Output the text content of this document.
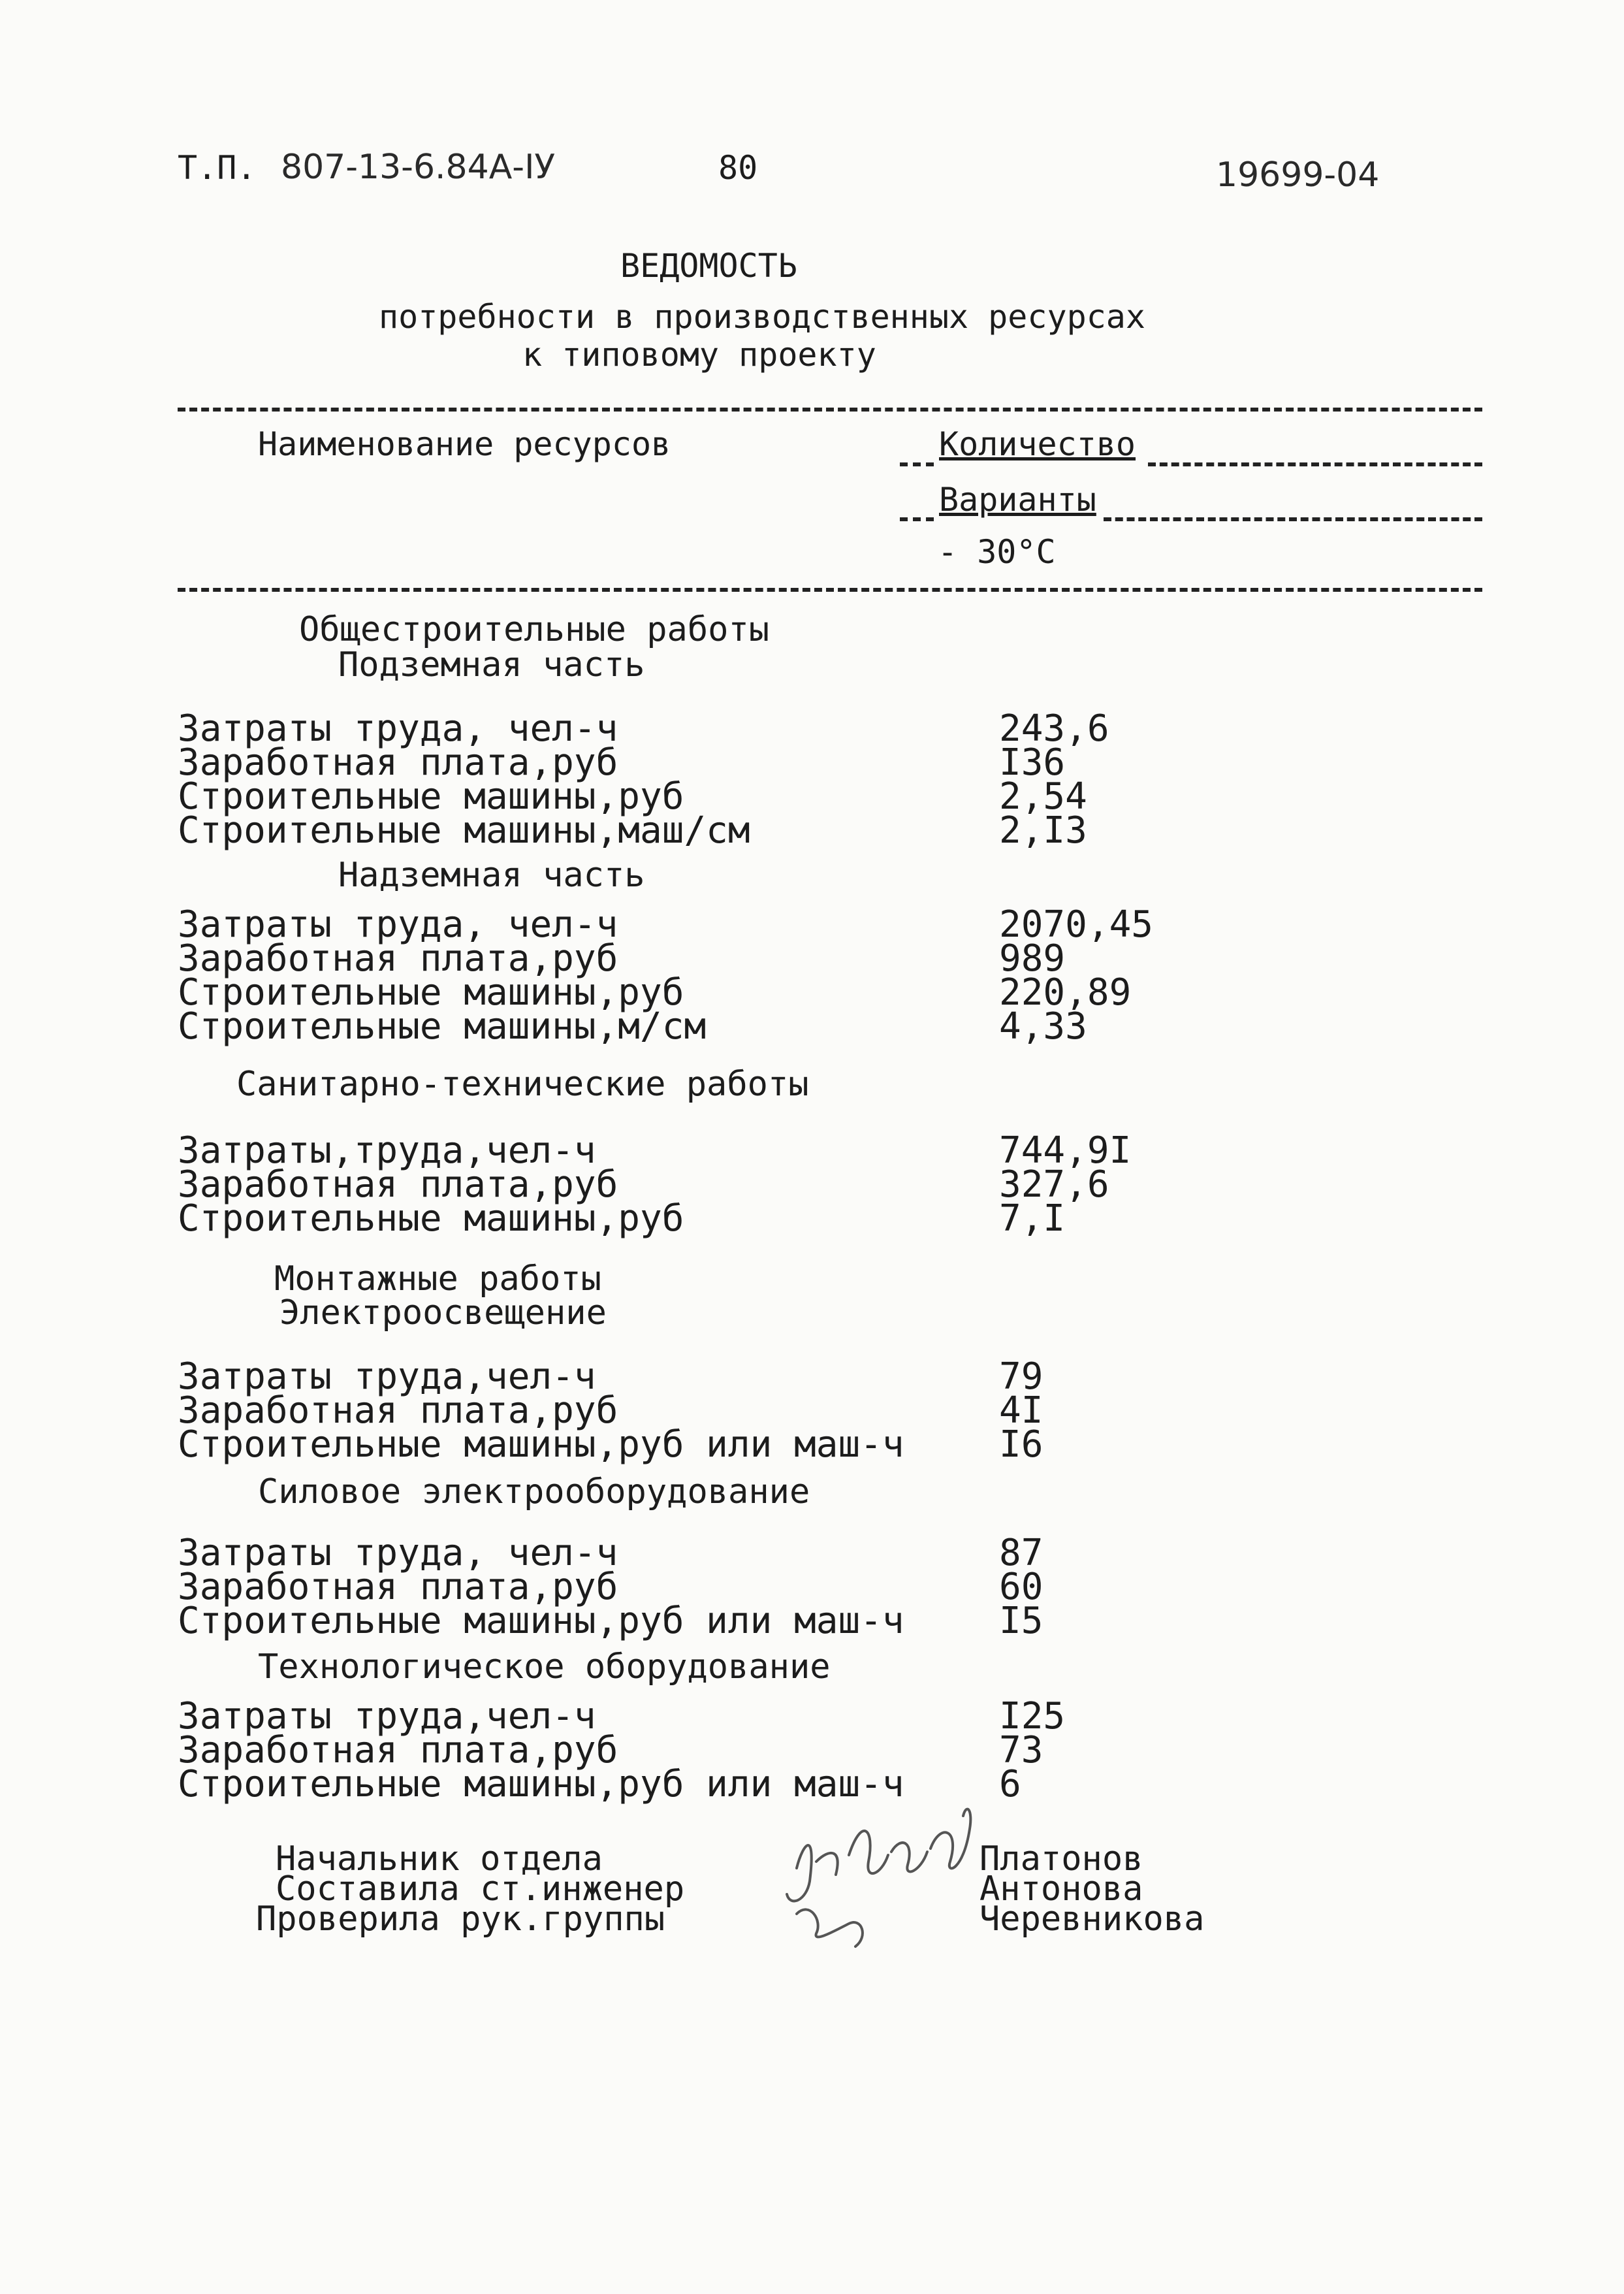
Т.П. 807-13-6.84А-IУ	80	19699-04
ВЕДОМОСТЬ
потребности в производственных ресурсах
к типовому проекту
Наименование ресурсов	Количество
Варианты
- 30°C
Общестроительные работы
Подземная часть
Затраты труда, чел-ч	243,6
Заработная плата,руб	I36
Строительные машины,руб	2,54
Строительные машины,маш/см	2,I3
Надземная часть
Затраты труда, чел-ч	2070,45
Заработная плата,руб	989
Строительные машины,руб	220,89
Строительные машины,м/см	4,33
Санитарно-технические работы
Затраты,труда,чел-ч	744,9I
Заработная плата,руб	327,6
Строительные машины,руб	7,I
Монтажные работы
Электроосвещение
Затраты труда,чел-ч	79
Заработная плата,руб	4I
Строительные машины,руб или маш-ч	I6
Силовое электрооборудование
Затраты труда, чел-ч	87
Заработная плата,руб	60
Строительные машины,руб или маш-ч	I5
Технологическое оборудование
Затраты труда,чел-ч	I25
Заработная плата,руб	73
Строительные машины,руб или маш-ч	6
Начальник отдела	Платонов
Составила ст.инженер	Антонова
Проверила рук.группы	Черевникова
